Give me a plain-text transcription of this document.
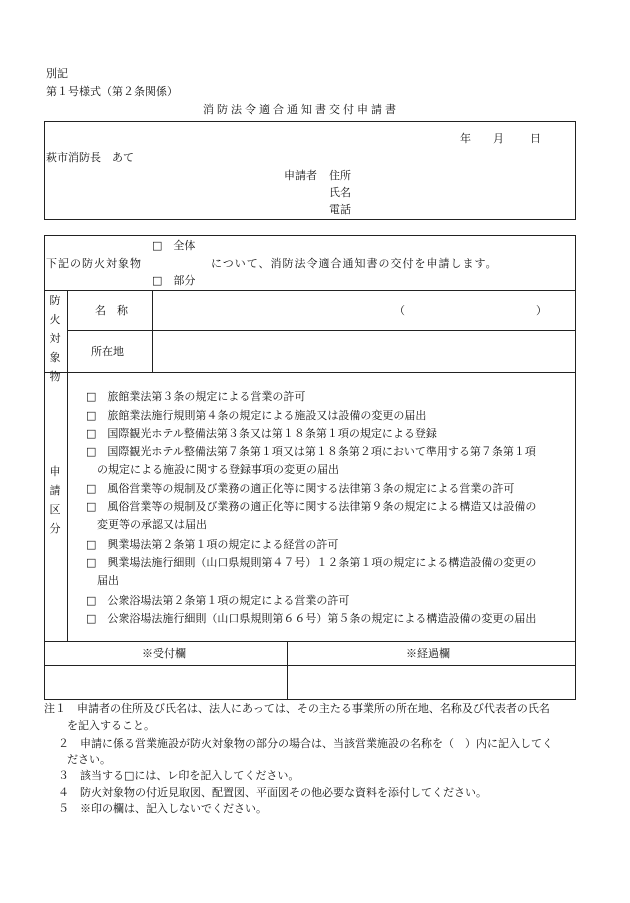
別記
第１号様式（第２条関係）
消防法令適合通知書交付申請書
年 月 日
萩市消防長　あて
申請者 住所
氏名
電話
□　全体
下記の防火対象物	について、消防法令適合通知書の交付を申請します。
□　部分
防
火
対
象
物
名　称	（	）
所在地
申
請
区
分
□　旅館業法第３条の規定による営業の許可
□　旅館業法施行規則第４条の規定による施設又は設備の変更の届出
□　国際観光ホテル整備法第３条又は第１８条第１項の規定による登録
□　国際観光ホテル整備法第７条第１項又は第１８条第２項において準用する第７条第１項
の規定による施設に関する登録事項の変更の届出
□　風俗営業等の規制及び業務の適正化等に関する法律第３条の規定による営業の許可
□　風俗営業等の規制及び業務の適正化等に関する法律第９条の規定による構造又は設備の
変更等の承認又は届出
□　興業場法第２条第１項の規定による経営の許可
□　興業場法施行細則（山口県規則第４７号）１２条第１項の規定による構造設備の変更の
届出
□　公衆浴場法第２条第１項の規定による営業の許可
□　公衆浴場法施行細則（山口県規則第６６号）第５条の規定による構造設備の変更の届出
※受付欄	※経過欄
注１　申請者の住所及び氏名は、法人にあっては、その主たる事業所の所在地、名称及び代表者の氏名
を記入すること。
２　申請に係る営業施設が防火対象物の部分の場合は、当該営業施設の名称を（　）内に記入してく
ださい。
３　該当する□には、レ印を記入してください。
４　防火対象物の付近見取図、配置図、平面図その他必要な資料を添付してください。
５　※印の欄は、記入しないでください。
